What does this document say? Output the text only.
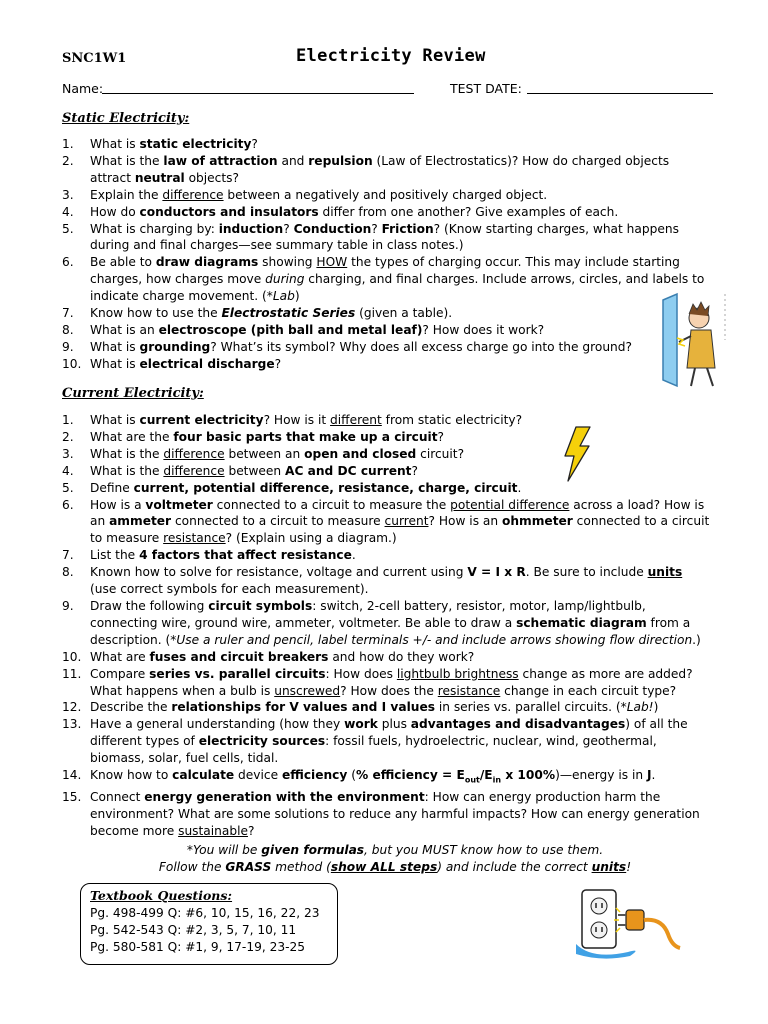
SNC1W1	Electricity Review
Name:	TEST DATE:
Static Electricity:
1. What is static electricity?
2. What is the law of attraction and repulsion (Law of Electrostatics)? How do charged objects attract neutral objects?
3. Explain the difference between a negatively and positively charged object.
4. How do conductors and insulators differ from one another? Give examples of each.
5. What is charging by: induction? Conduction? Friction? (Know starting charges, what happens during and final charges—see summary table in class notes.)
6. Be able to draw diagrams showing HOW the types of charging occur. This may include starting charges, how charges move during charging, and final charges. Include arrows, circles, and labels to indicate charge movement. (*Lab)
7. Know how to use the Electrostatic Series (given a table).
8. What is an electroscope (pith ball and metal leaf)? How does it work?
9. What is grounding? What’s its symbol? Why does all excess charge go into the ground?
10. What is electrical discharge?
Current Electricity:
1. What is current electricity? How is it different from static electricity?
2. What are the four basic parts that make up a circuit?
3. What is the difference between an open and closed circuit?
4. What is the difference between AC and DC current?
5. Define current, potential difference, resistance, charge, circuit.
6. How is a voltmeter connected to a circuit to measure the potential difference across a load? How is an ammeter connected to a circuit to measure current? How is an ohmmeter connected to a circuit to measure resistance? (Explain using a diagram.)
7. List the 4 factors that affect resistance.
8. Known how to solve for resistance, voltage and current using V = I x R. Be sure to include units (use correct symbols for each measurement).
9. Draw the following circuit symbols: switch, 2-cell battery, resistor, motor, lamp/lightbulb, connecting wire, ground wire, ammeter, voltmeter. Be able to draw a schematic diagram from a description. (*Use a ruler and pencil, label terminals +/- and include arrows showing flow direction.)
10. What are fuses and circuit breakers and how do they work?
11. Compare series vs. parallel circuits: How does lightbulb brightness change as more are added? What happens when a bulb is unscrewed? How does the resistance change in each circuit type?
12. Describe the relationships for V values and I values in series vs. parallel circuits. (*Lab!)
13. Have a general understanding (how they work plus advantages and disadvantages) of all the different types of electricity sources: fossil fuels, hydroelectric, nuclear, wind, geothermal, biomass, solar, fuel cells, tidal.
14. Know how to calculate device efficiency (% efficiency = $E_{out}/E_{in}$ x 100%)—energy is in J.
15. Connect energy generation with the environment: How can energy production harm the environment? What are some solutions to reduce any harmful impacts? How can energy generation become more sustainable?
*You will be given formulas, but you MUST know how to use them.
Follow the GRASS method (show ALL steps) and include the correct units!
Textbook Questions:
Pg. 498-499 Q: #6, 10, 15, 16, 22, 23
Pg. 542-543 Q: #2, 3, 5, 7, 10, 11
Pg. 580-581 Q: #1, 9, 17-19, 23-25
